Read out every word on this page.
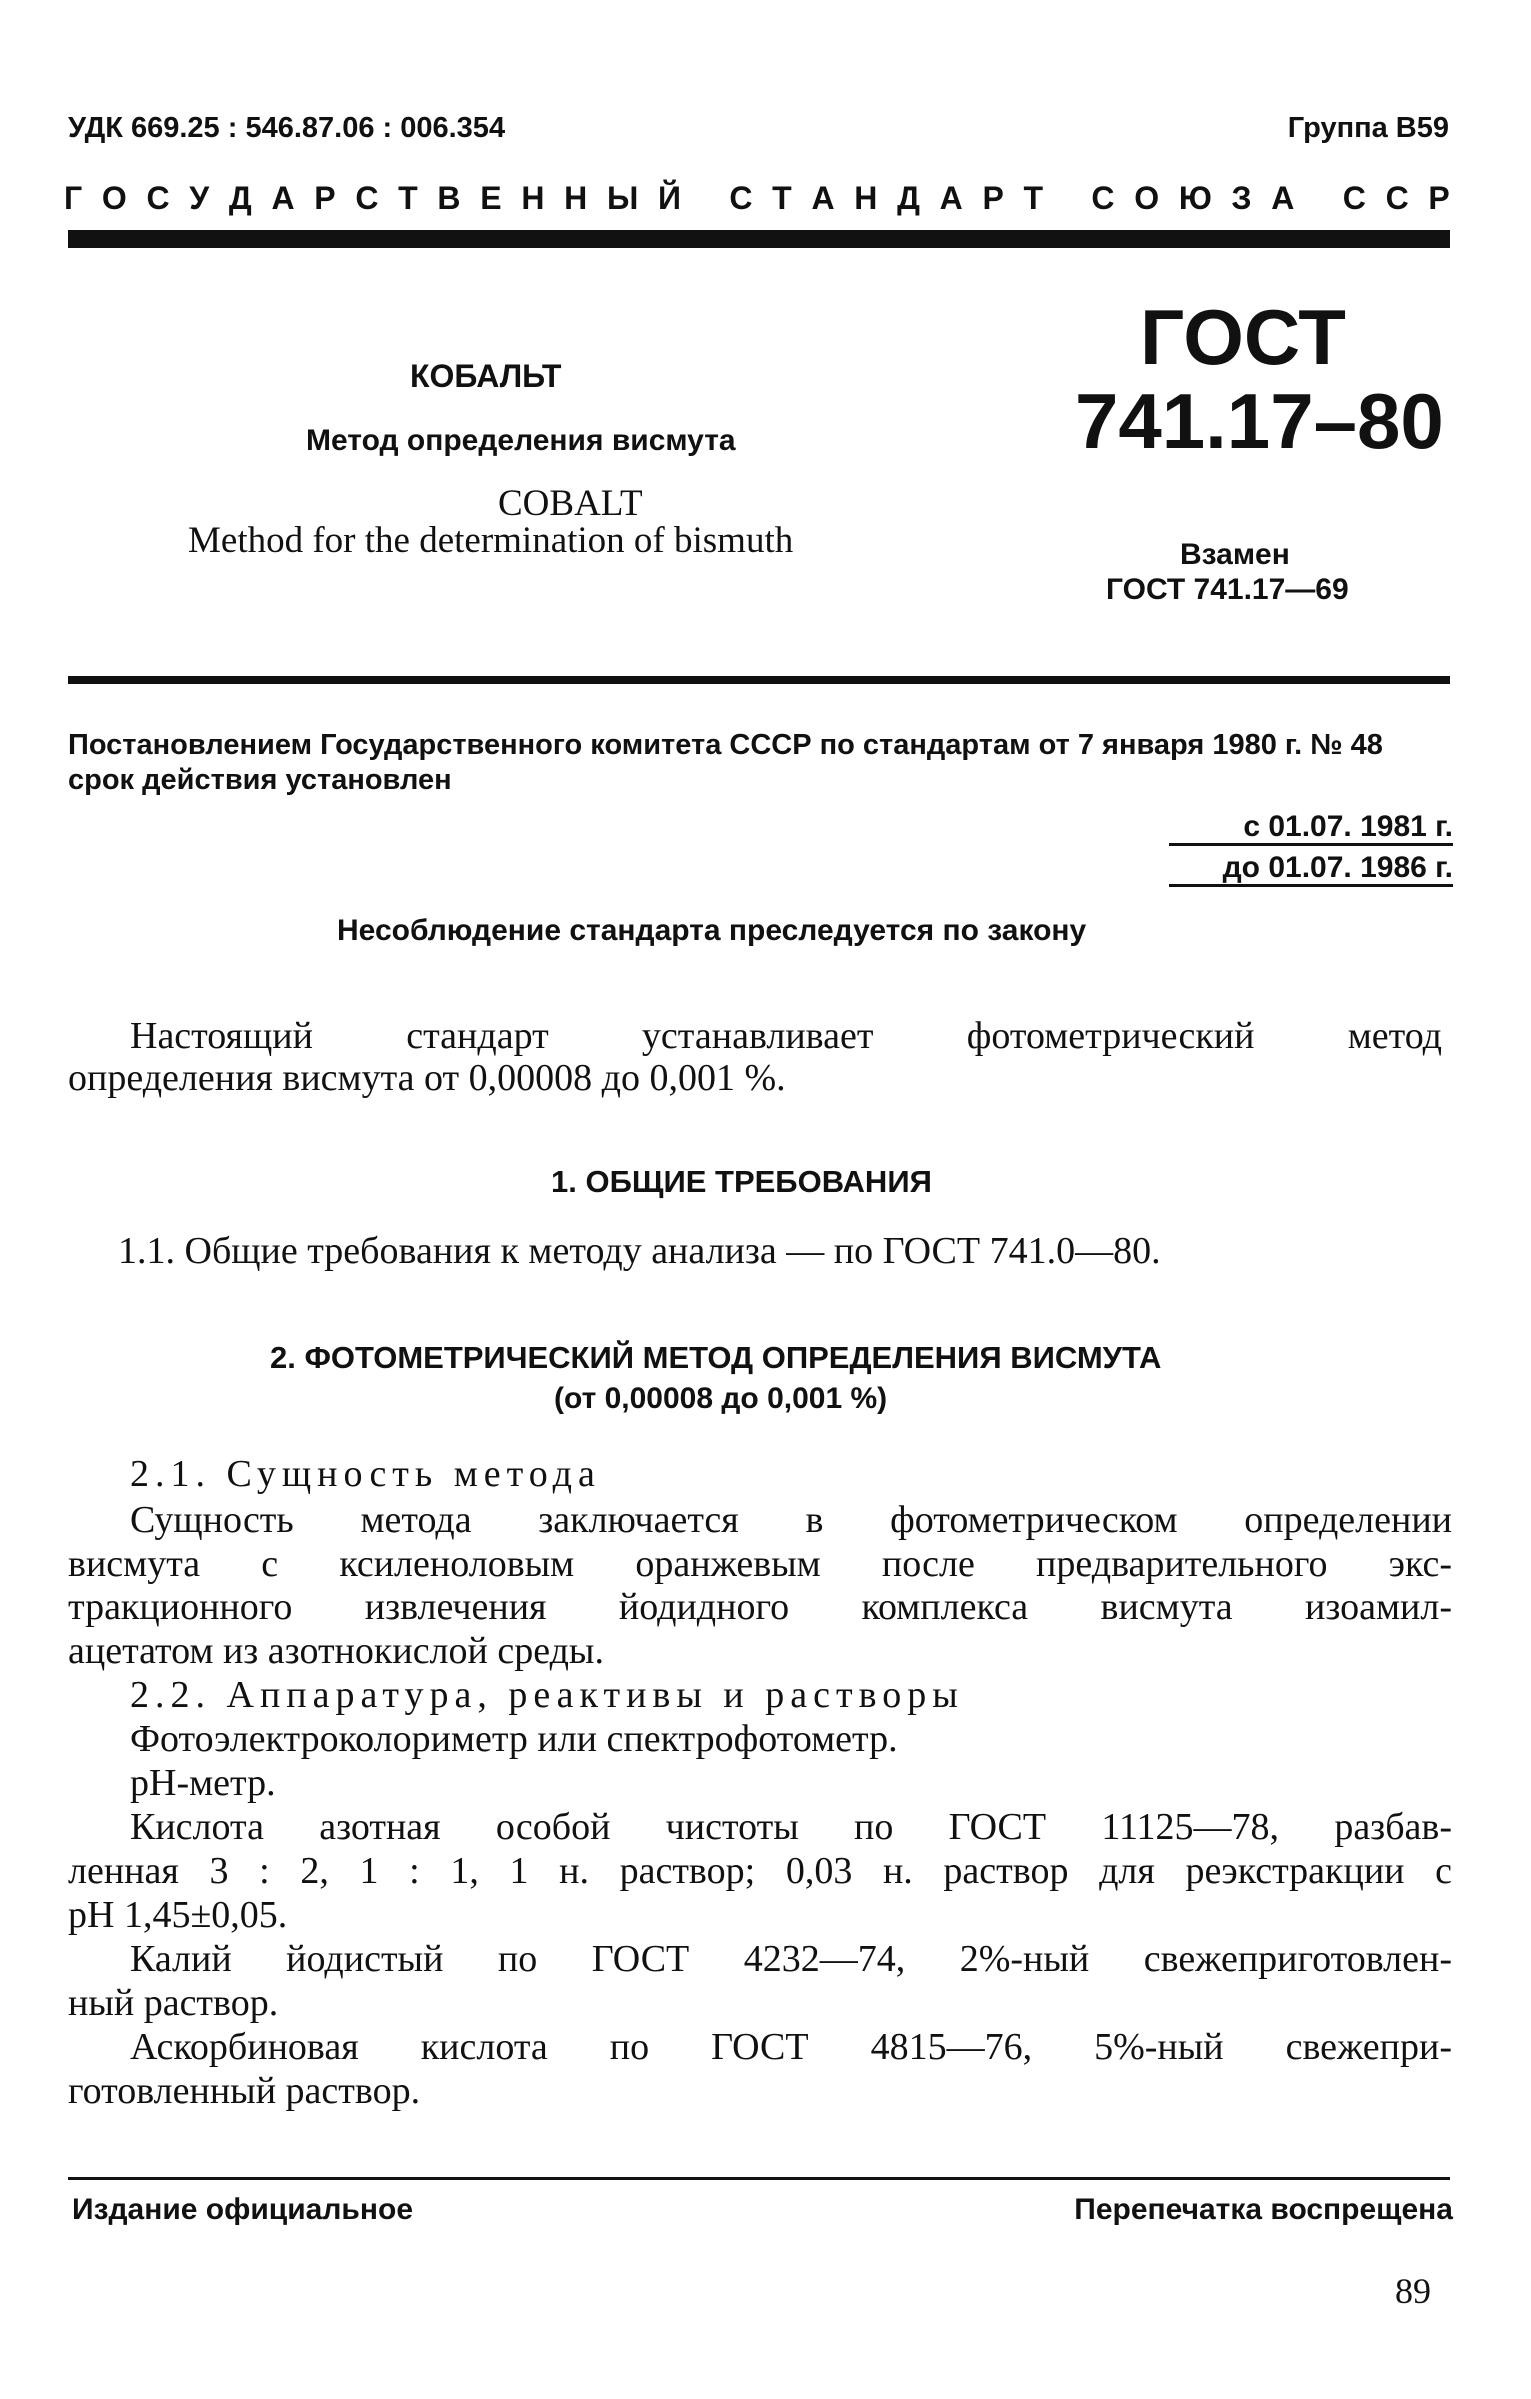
УДК 669.25 : 546.87.06 : 006.354	Группа В59
Г О С У Д А Р С Т В Е Н Н Ы Й
С Т А Н Д А Р Т
С О Ю З А
С С Р
КОБАЛЬТ
Метод определения висмута
COBALT
Method for the determination of bismuth
ГОСТ
741.17–80
Взамен
ГОСТ 741.17—69
Постановлением Государственного комитета СССР по стандартам от 7 января 1980 г. № 48 срок действия установлен
с 01.07. 1981 г.
до 01.07. 1986 г.
Несоблюдение стандарта преследуется по закону
Настоящий стандарт устанавливает фотометрический метод
определения висмута от 0,00008 до 0,001 %.
1. ОБЩИЕ ТРЕБОВАНИЯ
1.1. Общие требования к методу анализа — по ГОСТ 741.0—80.
2. ФОТОМЕТРИЧЕСКИЙ МЕТОД ОПРЕДЕЛЕНИЯ ВИСМУТА
(от 0,00008 до 0,001 %)
2.1. Сущность метода
Сущность метода заключается в фотометрическом определении
висмута с ксиленоловым оранжевым после предварительного экс-
тракционного извлечения йодидного комплекса висмута изоамил-
ацетатом из азотнокислой среды.
2.2. Аппаратура, реактивы и растворы
Фотоэлектроколориметр или спектрофотометр.
рН-метр.
Кислота азотная особой чистоты по ГОСТ 11125—78, разбав-
ленная 3 : 2, 1 : 1, 1 н. раствор; 0,03 н. раствор для реэкстракции с
рН 1,45±0,05.
Калий йодистый по ГОСТ 4232—74, 2%-ный свежеприготовлен-
ный раствор.
Аскорбиновая кислота по ГОСТ 4815—76, 5%-ный свежепри-
готовленный раствор.
Издание официальное	Перепечатка воспрещена
89
